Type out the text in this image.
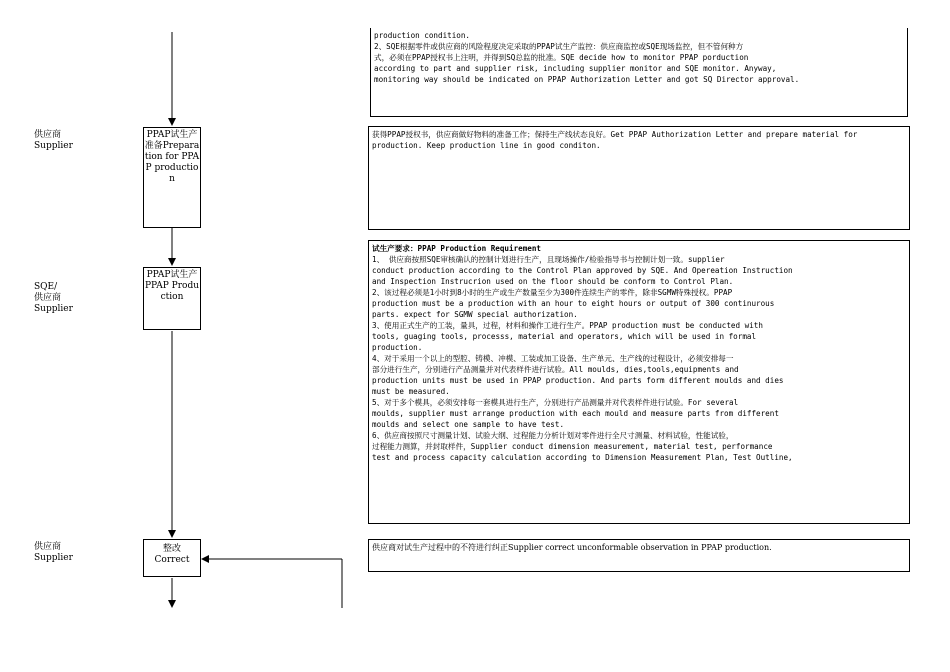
production condition.

2、SQE根据零件或供应商的风险程度决定采取的PPAP试生产监控：供应商监控或SQE现场监控，但不管何种方

式，必须在PPAP授权书上注明，并得到SQ总监的批准。SQE decide how to monitor PPAP porduction

according to part and supplier risk, including supplier monitor and SQE monitor. Anyway,

monitoring way should be indicated on PPAP Authorization Letter and got SQ Director approval.

供应商
Supplier
PPAP试生产准备Preparation for PPAP production

获得PPAP授权书，供应商做好物料的准备工作；保持生产线状态良好。Get PPAP Authorization Letter and prepare material for production. Keep production line in good conditon.

SQE/
供应商
Supplier
PPAP试生产PPAP Production

试生产要求：PPAP Production Requirement

1、 供应商按照SQE审核确认的控制计划进行生产，且现场操作/检验指导书与控制计划一致。supplier

conduct production according to the Control Plan approved by SQE. And Opereation Instruction

and Inspection Instrucrion used on the floor should be conform to Control Plan.

2、该过程必须是1小时到8小时的生产或生产数量至少为300件连续生产的零件，除非SGMW特殊授权。PPAP

production must be a production with an hour to eight hours or output of 300 continurous

parts. expect for SGMW special authorization.

3、使用正式生产的工装，量具，过程，材料和操作工进行生产。PPAP production must be conducted with

tools, guaging tools, processs, material and operators, which will be used in formal

production.

4、对于采用一个以上的型腔、铸模、冲模、工装或加工设备、生产单元、生产线的过程设计，必须安排每一

部分进行生产，分别进行产品测量并对代表样件进行试验。All moulds, dies,tools,equipments and

production units must be used in PPAP production. And parts form different moulds and dies

must be measured.

5、对于多个模具，必须安排每一套模具进行生产，分别进行产品测量并对代表样件进行试验。For several

moulds, supplier must arrange production with each mould and measure parts from different

moulds and select one sample to have test.

6、供应商按照尺寸测量计划、试验大纲、过程能力分析计划对零件进行全尺寸测量、材料试验，性能试验，

过程能力测算，并封取样件，Supplier conduct dimension measurement, material test, performance

test and process capacity calculation according to Dimension Measurement Plan, Test Outline,

供应商
Supplier
整改
Correct

供应商对试生产过程中的不符进行纠正Supplier correct unconformable observation in PPAP production.
